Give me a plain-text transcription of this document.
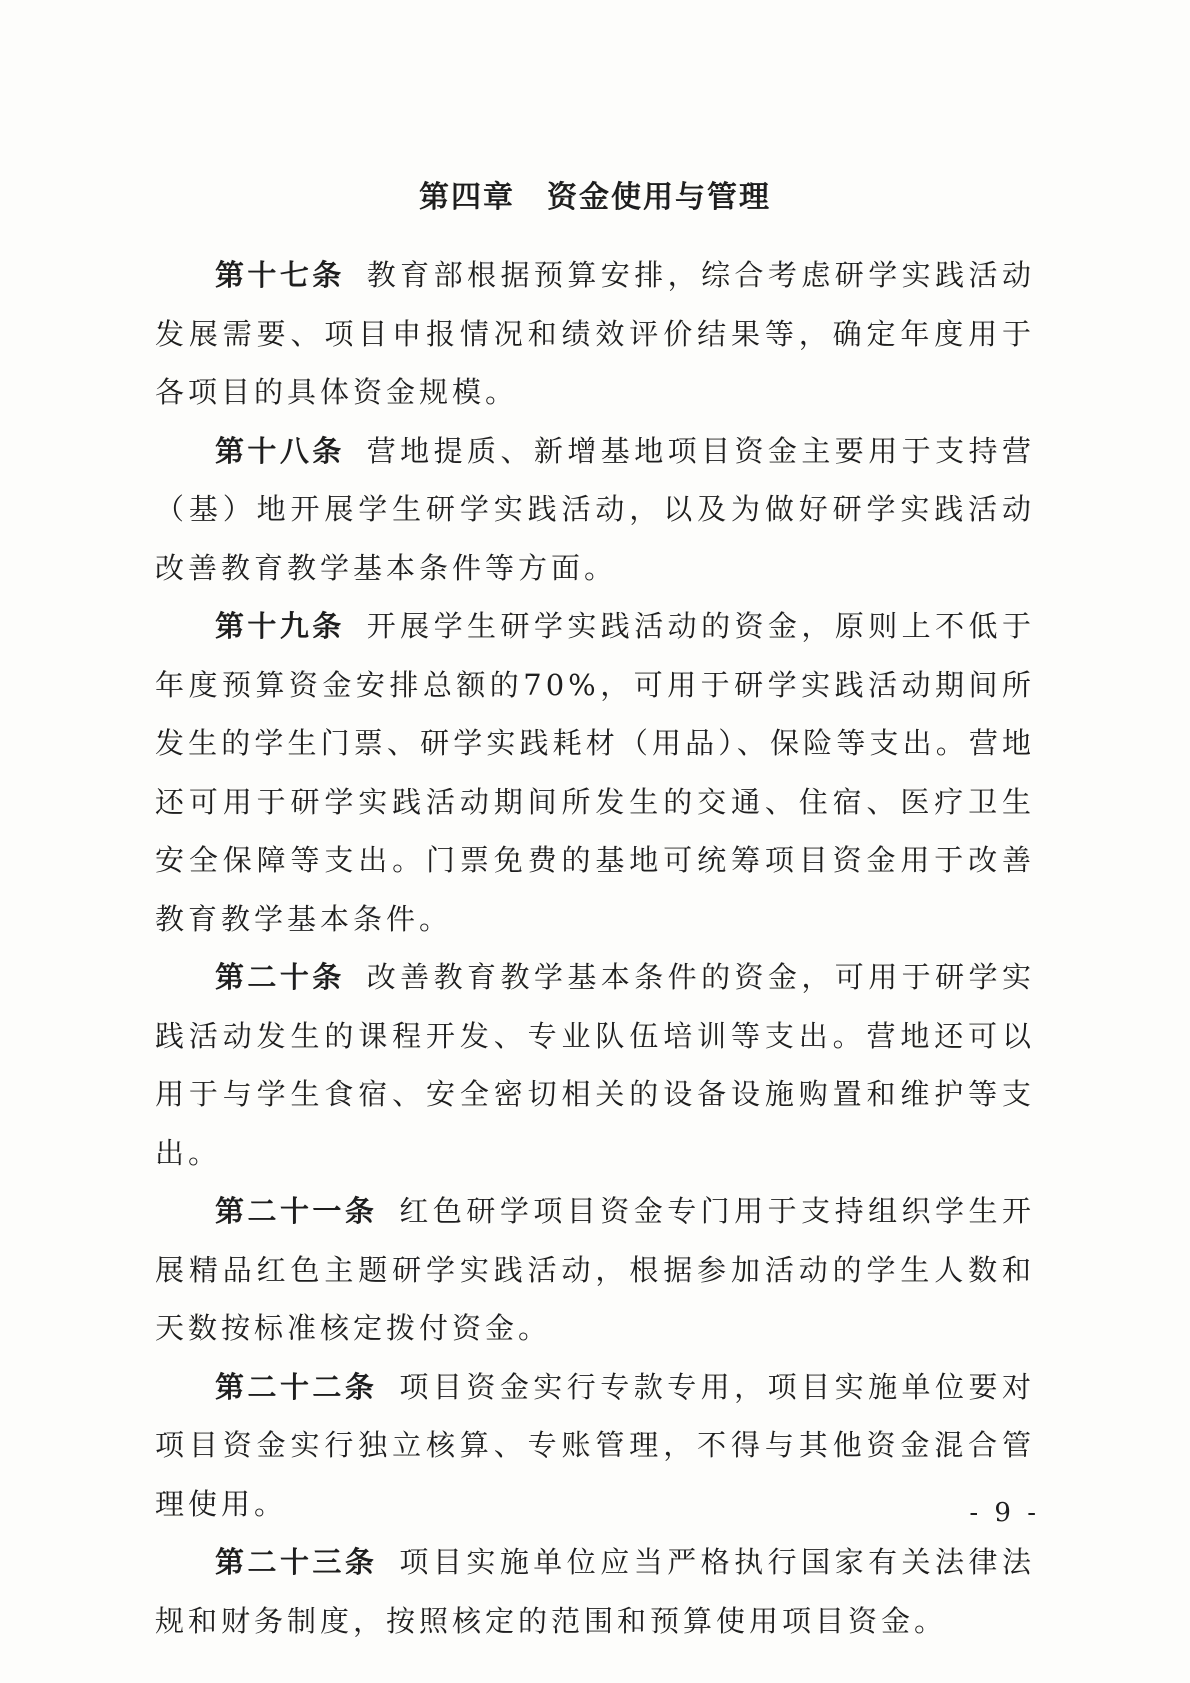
第四章　资金使用与管理

第十七条 教育部根据预算安排，综合考虑研学实践活动发展需要、项目申报情况和绩效评价结果等，确定年度用于各项目的具体资金规模。

第十八条 营地提质、新增基地项目资金主要用于支持营（基）地开展学生研学实践活动，以及为做好研学实践活动改善教育教学基本条件等方面。

第十九条 开展学生研学实践活动的资金，原则上不低于年度预算资金安排总额的70%，可用于研学实践活动期间所发生的学生门票、研学实践耗材（用品）、保险等支出。营地还可用于研学实践活动期间所发生的交通、住宿、医疗卫生安全保障等支出。门票免费的基地可统筹项目资金用于改善教育教学基本条件。

第二十条 改善教育教学基本条件的资金，可用于研学实践活动发生的课程开发、专业队伍培训等支出。营地还可以用于与学生食宿、安全密切相关的设备设施购置和维护等支出。

第二十一条 红色研学项目资金专门用于支持组织学生开展精品红色主题研学实践活动，根据参加活动的学生人数和天数按标准核定拨付资金。

第二十二条 项目资金实行专款专用，项目实施单位要对项目资金实行独立核算、专账管理，不得与其他资金混合管理使用。

第二十三条 项目实施单位应当严格执行国家有关法律法规和财务制度，按照核定的范围和预算使用项目资金。

- 9 -
